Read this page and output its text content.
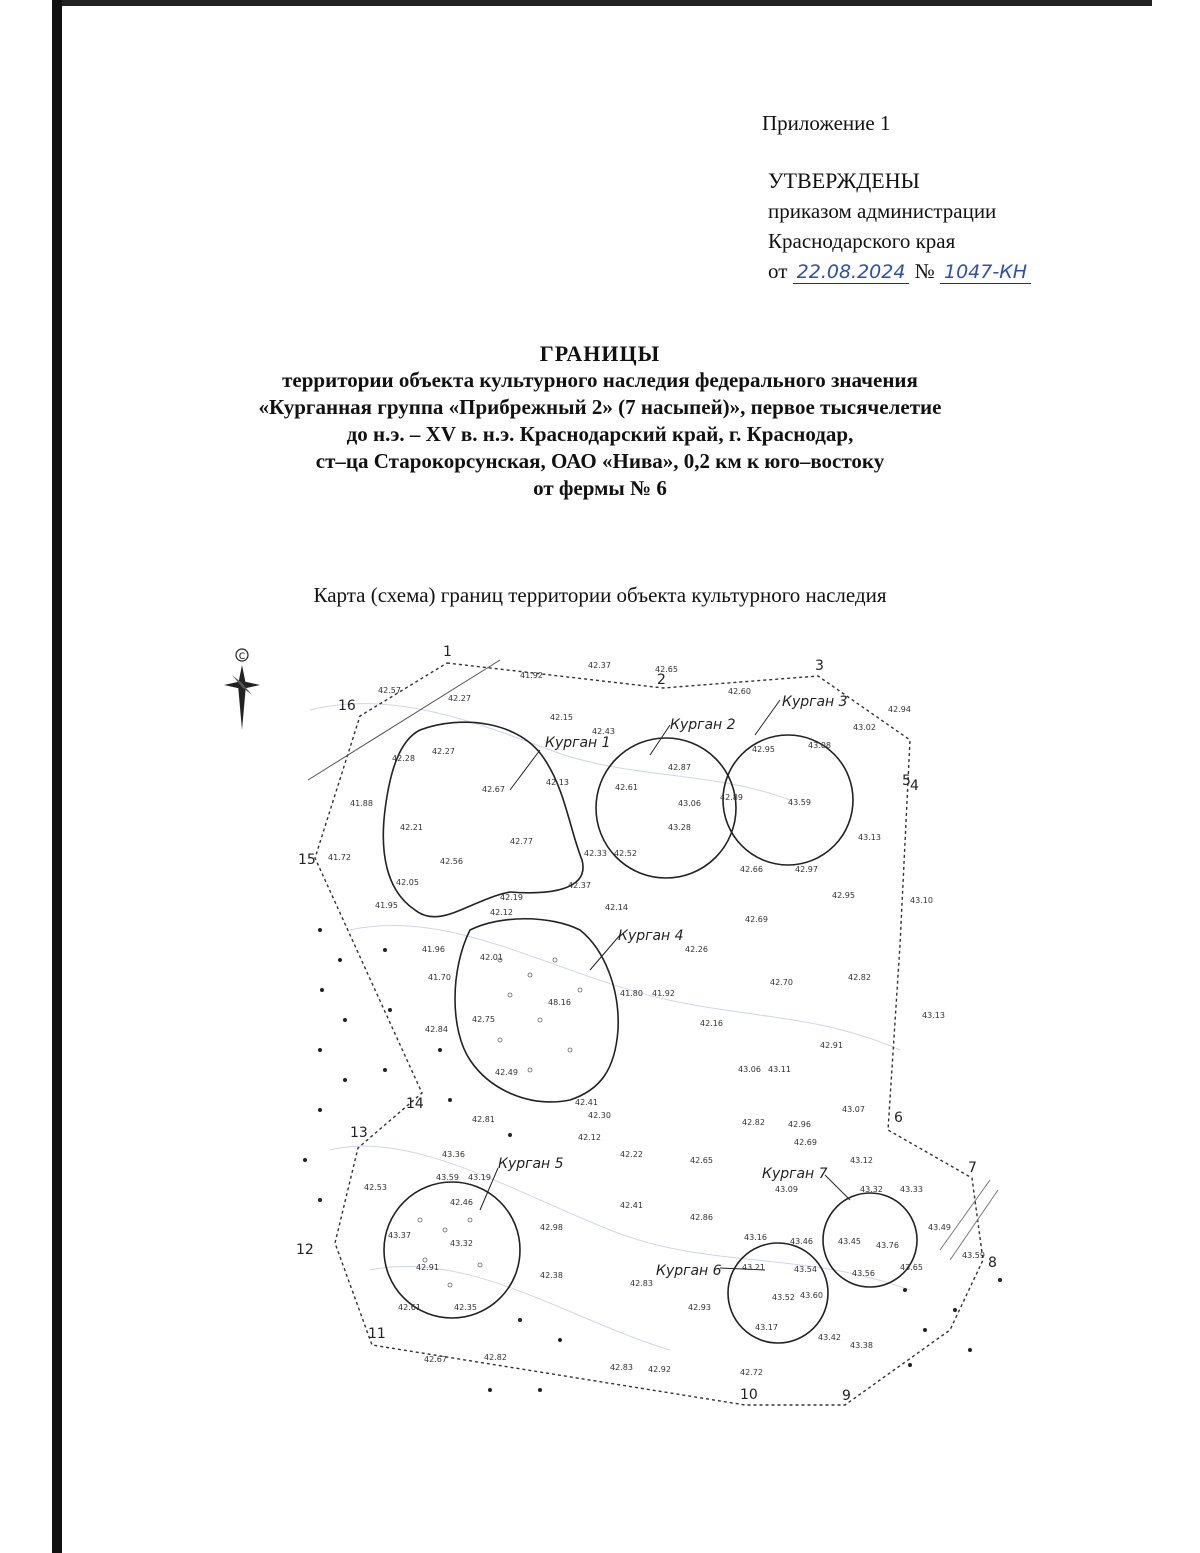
Приложение 1
УТВЕРЖДЕНЫ
приказом администрации
Краснодарского края
от 22.08.2024 № 1047-КН
ГРАНИЦЫ
территории объекта культурного наследия федерального значения
«Курганная группа «Прибрежный 2» (7 насыпей)», первое тысячелетие
до н.э. – XV в. н.э. Краснодарский край, г. Краснодар,
ст–ца Старокорсунская, ОАО «Нива», 0,2 км к юго–востоку
от фермы № 6
Карта (схема) границ территории объекта культурного наследия
С	1
2
3
4
5
6
7
8
9
10
11
12
13
14
15
16
Курган 1
Курган 2
Курган 3
Курган 4
Курган 5
Курган 6
Курган 7
42.37	42.65
41.92
42.60
42.57
42.27
42.15
42.43	43.02
42.94
42.28
42.27
42.67
42.13
42.61
42.87
42.95	43.08
41.88
42.21
43.06
43.28
42.89
43.59
41.72
42.77
42.33 42.52
43.13
42.56
42.05
42.19
42.37
42.66	42.97
42.95
41.95
42.12
42.14
42.69
41.96
42.01
42.26
41.70
48.16
41.80 41.92
42.70
42.82
42.75	42.16
42.84
42.91
43.06 43.11
42.49
42.41
42.30
42.81	42.82	42.96
43.07
42.12
42.69
43.36	42.22
42.65	43.12
43.59 43.19
43.09	43.32 43.33
42.53
42.46	42.41
42.86
43.49
43.37	43.16	43.46	43.45 43.76
42.98
43.59
43.32
43.21	43.54	43.56
43.65
42.91
42.38
42.83
43.52 43.60
42.61	42.35	42.93
43.17
43.42
43.38
42.67	42.82
42.83 42.92	42.72
43.13
43.10
